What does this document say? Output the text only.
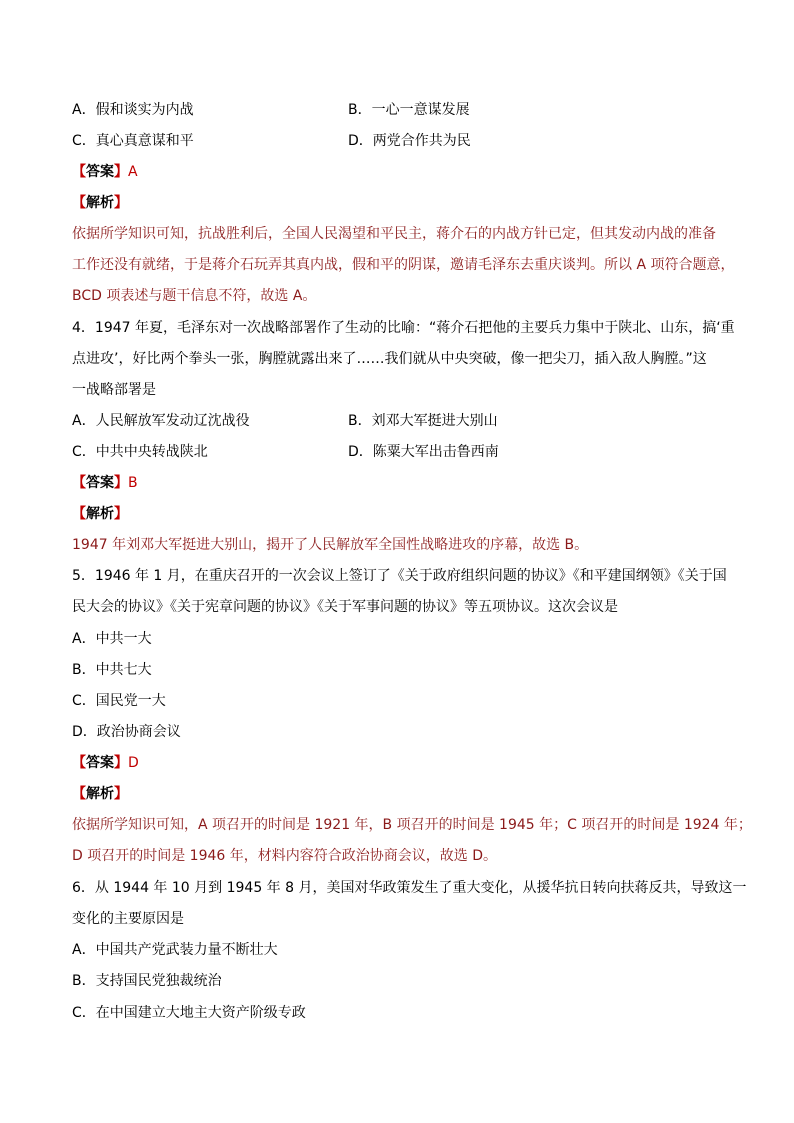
A．假和谈实为内战	B．一心一意谋发展
C．真心真意谋和平	D．两党合作共为民
【答案】A
【解析】
依据所学知识可知，抗战胜利后，全国人民渴望和平民主，蒋介石的内战方针已定，但其发动内战的准备
工作还没有就绪，于是蒋介石玩弄其真内战，假和平的阴谋，邀请毛泽东去重庆谈判。所以 A 项符合题意，
BCD 项表述与题干信息不符，故选 A。
4．1947 年夏，毛泽东对一次战略部署作了生动的比喻：“蒋介石把他的主要兵力集中于陕北、山东，搞‘重
点进攻’，好比两个拳头一张，胸膛就露出来了……我们就从中央突破，像一把尖刀，插入敌人胸膛。”这
一战略部署是
A．人民解放军发动辽沈战役	B．刘邓大军挺进大别山
C．中共中央转战陕北	D．陈粟大军出击鲁西南
【答案】B
【解析】
1947 年刘邓大军挺进大别山，揭开了人民解放军全国性战略进攻的序幕，故选 B。
5．1946 年 1 月，在重庆召开的一次会议上签订了《关于政府组织问题的协议》《和平建国纲领》《关于国
民大会的协议》《关于宪章问题的协议》《关于军事问题的协议》等五项协议。这次会议是
A．中共一大
B．中共七大
C．国民党一大
D．政治协商会议
【答案】D
【解析】
依据所学知识可知，A 项召开的时间是 1921 年，B 项召开的时间是 1945 年；C 项召开的时间是 1924 年；
D 项召开的时间是 1946 年，材料内容符合政治协商会议，故选 D。
6．从 1944 年 10 月到 1945 年 8 月，美国对华政策发生了重大变化，从援华抗日转向扶蒋反共，导致这一
变化的主要原因是
A．中国共产党武装力量不断壮大
B．支持国民党独裁统治
C．在中国建立大地主大资产阶级专政
